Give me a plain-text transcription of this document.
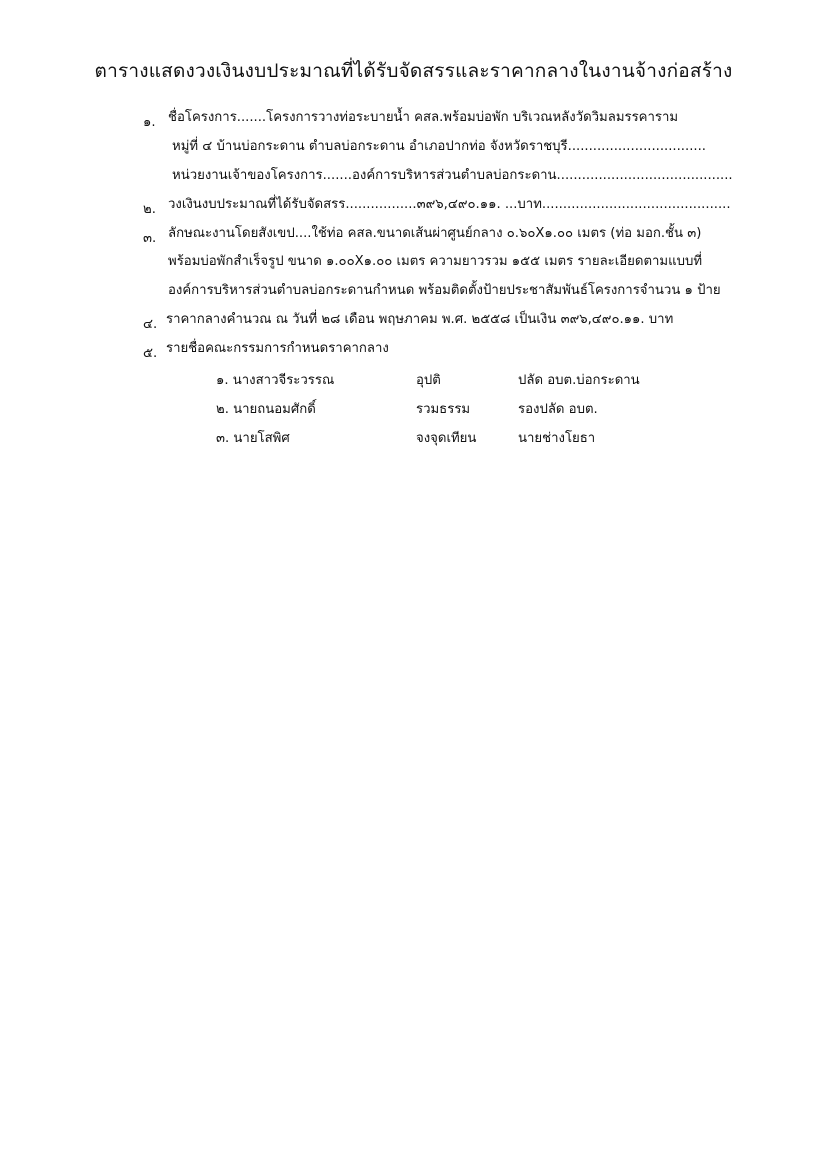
ตารางแสดงวงเงินงบประมาณที่ได้รับจัดสรรและราคากลางในงานจ้างก่อสร้าง
๑. ชื่อโครงการ.......โครงการวางท่อระบายน้ำ คสล.พร้อมบ่อพัก บริเวณหลังวัดวิมลมรรคาราม
หมู่ที่ ๔ บ้านบ่อกระดาน ตำบลบ่อกระดาน อำเภอปากท่อ จังหวัดราชบุรี.................................
หน่วยงานเจ้าของโครงการ.......องค์การบริหารส่วนตำบลบ่อกระดาน..........................................
๒. วงเงินงบประมาณที่ได้รับจัดสรร.................๓๙๖,๔๙๐.๑๑. ...บาท.............................................
๓. ลักษณะงานโดยสังเขป....ใช้ท่อ คสล.ขนาดเส้นผ่าศูนย์กลาง ๐.๖๐X๑.๐๐ เมตร (ท่อ มอก.ชั้น ๓)
พร้อมบ่อพักสำเร็จรูป ขนาด ๑.๐๐X๑.๐๐ เมตร ความยาวรวม ๑๕๕ เมตร รายละเอียดตามแบบที่
องค์การบริหารส่วนตำบลบ่อกระดานกำหนด พร้อมติดตั้งป้ายประชาสัมพันธ์โครงการจำนวน ๑ ป้าย
๔. ราคากลางคำนวณ ณ วันที่ ๒๘ เดือน พฤษภาคม พ.ศ. ๒๕๕๘ เป็นเงิน ๓๙๖,๔๙๐.๑๑. บาท
๕. รายชื่อคณะกรรมการกำหนดราคากลาง
๑. นางสาวจีระวรรณ	อุปติ	ปลัด อบต.บ่อกระดาน
๒. นายถนอมศักดิ์	รวมธรรม	รองปลัด อบต.
๓. นายโสพิศ	จงจุดเทียน	นายช่างโยธา
